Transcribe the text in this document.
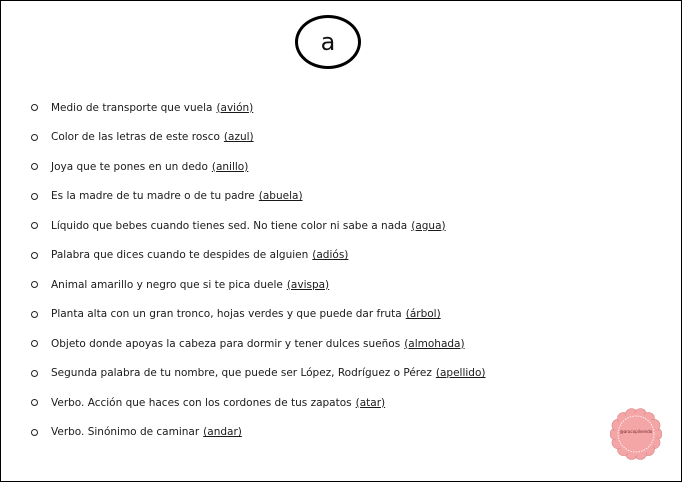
a
Medio de transporte que vuela (avión)
Color de las letras de este rosco (azul)
Joya que te pones en un dedo (anillo)
Es la madre de tu madre o de tu padre (abuela)
Líquido que bebes cuando tienes sed. No tiene color ni sabe a nada (agua)
Palabra que dices cuando te despides de alguien (adiós)
Animal amarillo y negro que si te pica duele (avispa)
Planta alta con un gran tronco, hojas verdes y que puede dar fruta (árbol)
Objeto donde apoyas la cabeza para dormir y tener dulces sueños (almohada)
Segunda palabra de tu nombre, que puede ser López, Rodríguez o Pérez (apellido)
Verbo. Acción que haces con los cordones de tus zapatos (atar)
Verbo. Sinónimo de caminar (andar)	@arucopilvendo
